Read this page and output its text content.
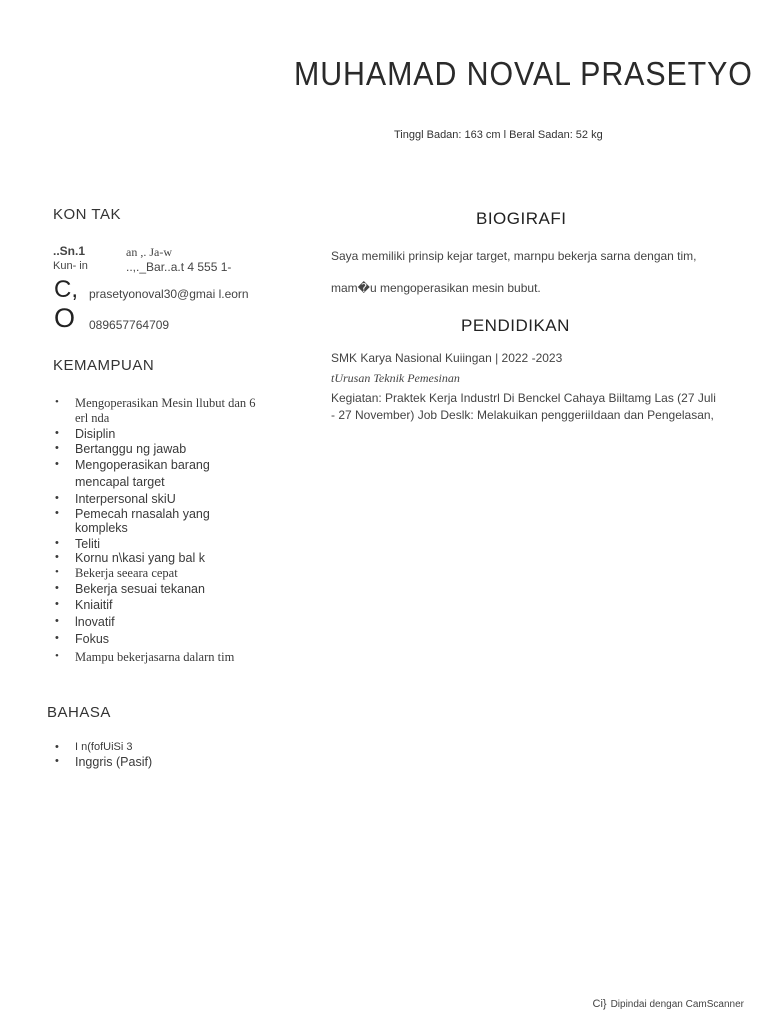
MUHAMAD NOVAL PRASETYO
Tinggl Badan: 163 cm l Beral Sadan: 52 kg
KON TAK
..Sn.1	an ,. Ja-w
Kun- in	..,._Bar..a.t 4 555 1-
C, prasetyonoval30@gmai l.eorn
O 089657764709
KEMAMPUAN
• Mengoperasikan Mesin llubut dan 6 erl nda
• Disiplin
• Bertanggu ng jawab
• Mengoperasikan barang mencapal target
• Interpersonal skiU
• Pemecah rnasalah yang kompleks
• Teliti
• Kornu n\kasi yang bal k
• Bekerja seeara cepat
• Bekerja sesuai tekanan
• Kniaitif
• lnovatif
• Fokus
• Mampu bekerjasarna dalarn tim
BAHASA
• I n(fofUiSi 3
• Inggris (Pasif)
BIOGIRAFI
Saya memiliki prinsip kejar target, marnpu bekerja sarna dengan tim,
mam�u mengoperasikan mesin bubut.
PENDIDIKAN
SMK Karya Nasional Kuiingan | 2022 -2023
tUrusan Teknik Pemesinan
Kegiatan: Praktek Kerja Industrl Di Benckel Cahaya Biiltamg Las (27 Juli
- 27 November) Job Deslk: Melakuikan penggeriiIdaan dan Pengelasan,
Ci} Dipindai dengan CamScanner
